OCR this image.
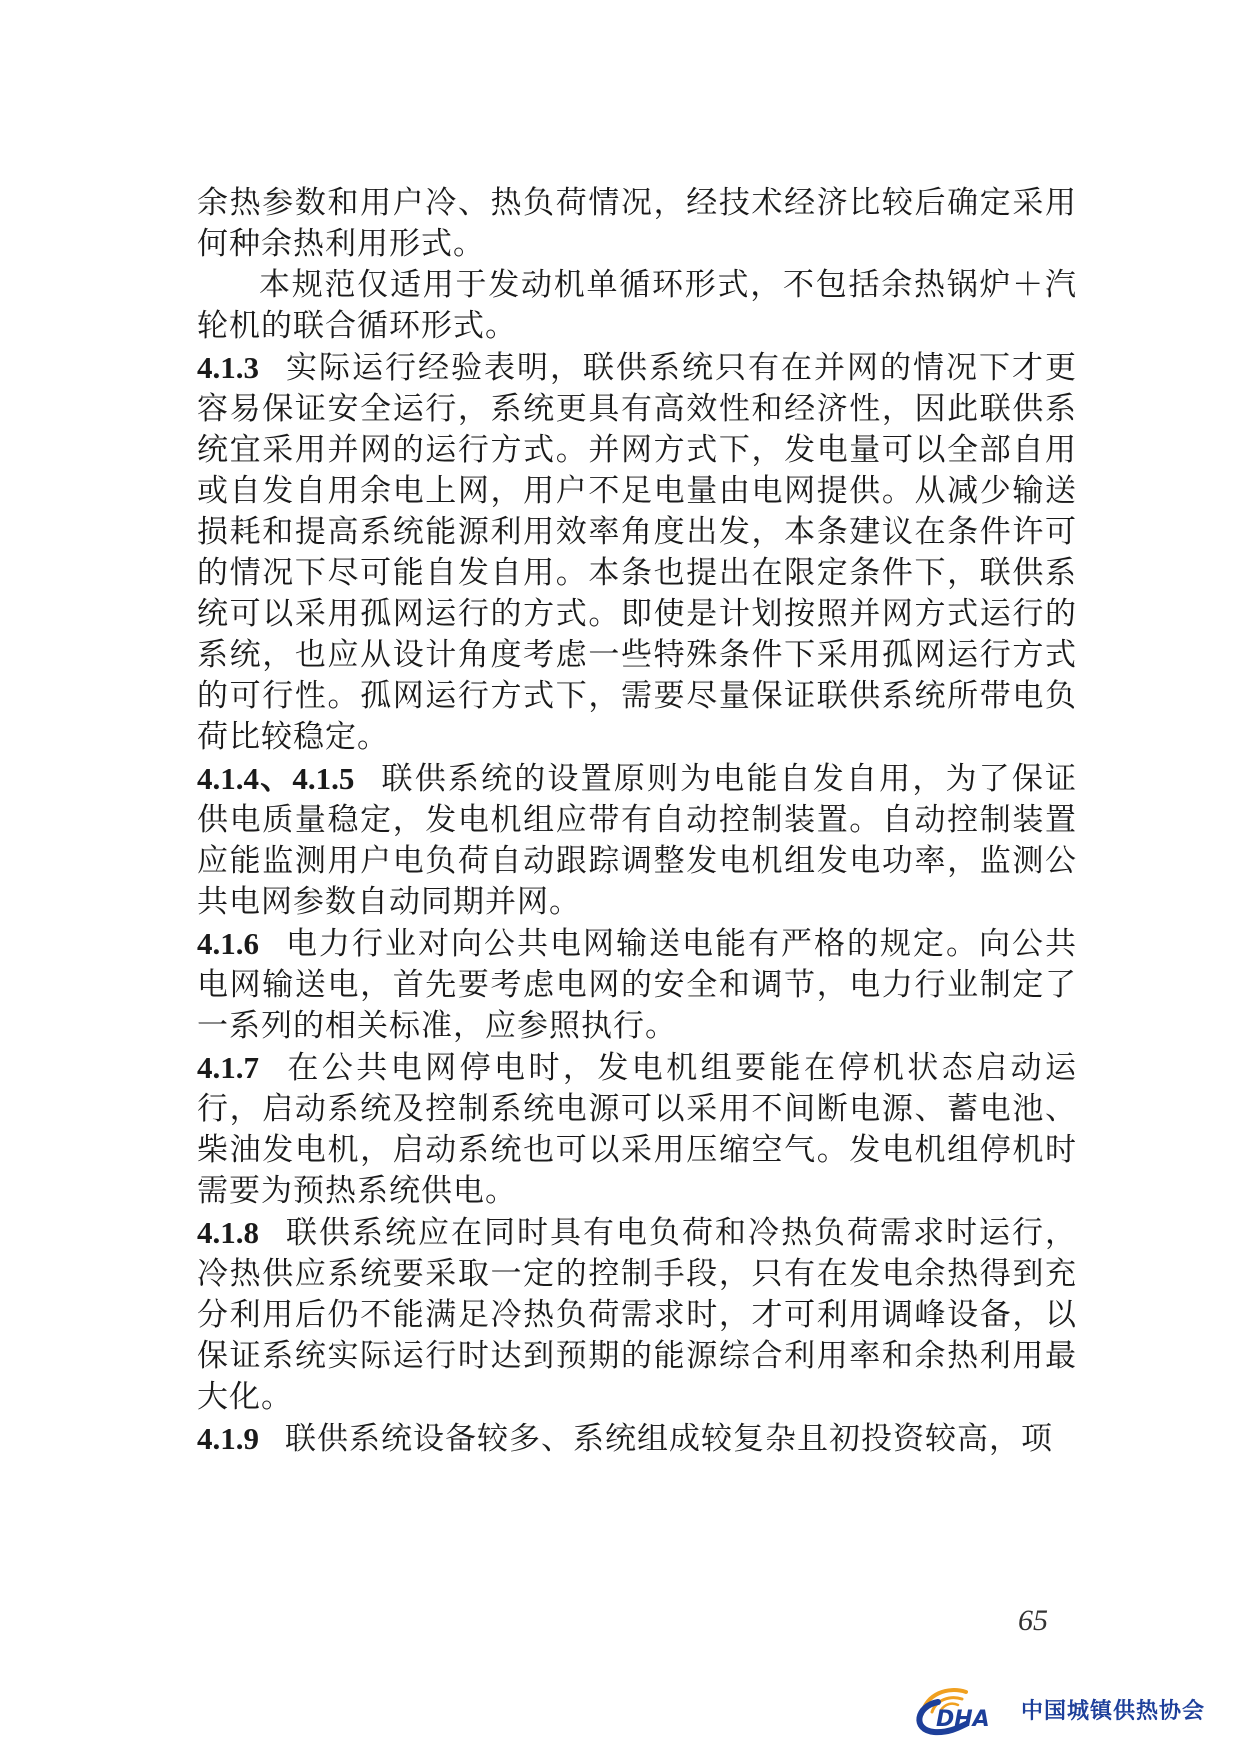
余热参数和用户冷、热负荷情况，经技术经济比较后确定采用何种余热利用形式。

本规范仅适用于发动机单循环形式，不包括余热锅炉＋汽轮机的联合循环形式。

4.1.3 实际运行经验表明，联供系统只有在并网的情况下才更容易保证安全运行，系统更具有高效性和经济性，因此联供系统宜采用并网的运行方式。并网方式下，发电量可以全部自用或自发自用余电上网，用户不足电量由电网提供。从减少输送损耗和提高系统能源利用效率角度出发，本条建议在条件许可的情况下尽可能自发自用。本条也提出在限定条件下，联供系统可以采用孤网运行的方式。即使是计划按照并网方式运行的系统，也应从设计角度考虑一些特殊条件下采用孤网运行方式的可行性。孤网运行方式下，需要尽量保证联供系统所带电负荷比较稳定。

4.1.4、4.1.5 联供系统的设置原则为电能自发自用，为了保证供电质量稳定，发电机组应带有自动控制装置。自动控制装置应能监测用户电负荷自动跟踪调整发电机组发电功率，监测公共电网参数自动同期并网。

4.1.6 电力行业对向公共电网输送电能有严格的规定。向公共电网输送电，首先要考虑电网的安全和调节，电力行业制定了一系列的相关标准，应参照执行。

4.1.7 在公共电网停电时，发电机组要能在停机状态启动运行，启动系统及控制系统电源可以采用不间断电源、蓄电池、柴油发电机，启动系统也可以采用压缩空气。发电机组停机时需要为预热系统供电。

4.1.8 联供系统应在同时具有电负荷和冷热负荷需求时运行，冷热供应系统要采取一定的控制手段，只有在发电余热得到充分利用后仍不能满足冷热负荷需求时，才可利用调峰设备，以保证系统实际运行时达到预期的能源综合利用率和余热利用最大化。

4.1.9 联供系统设备较多、系统组成较复杂且初投资较高，项

65
DHA 中国城镇供热协会
